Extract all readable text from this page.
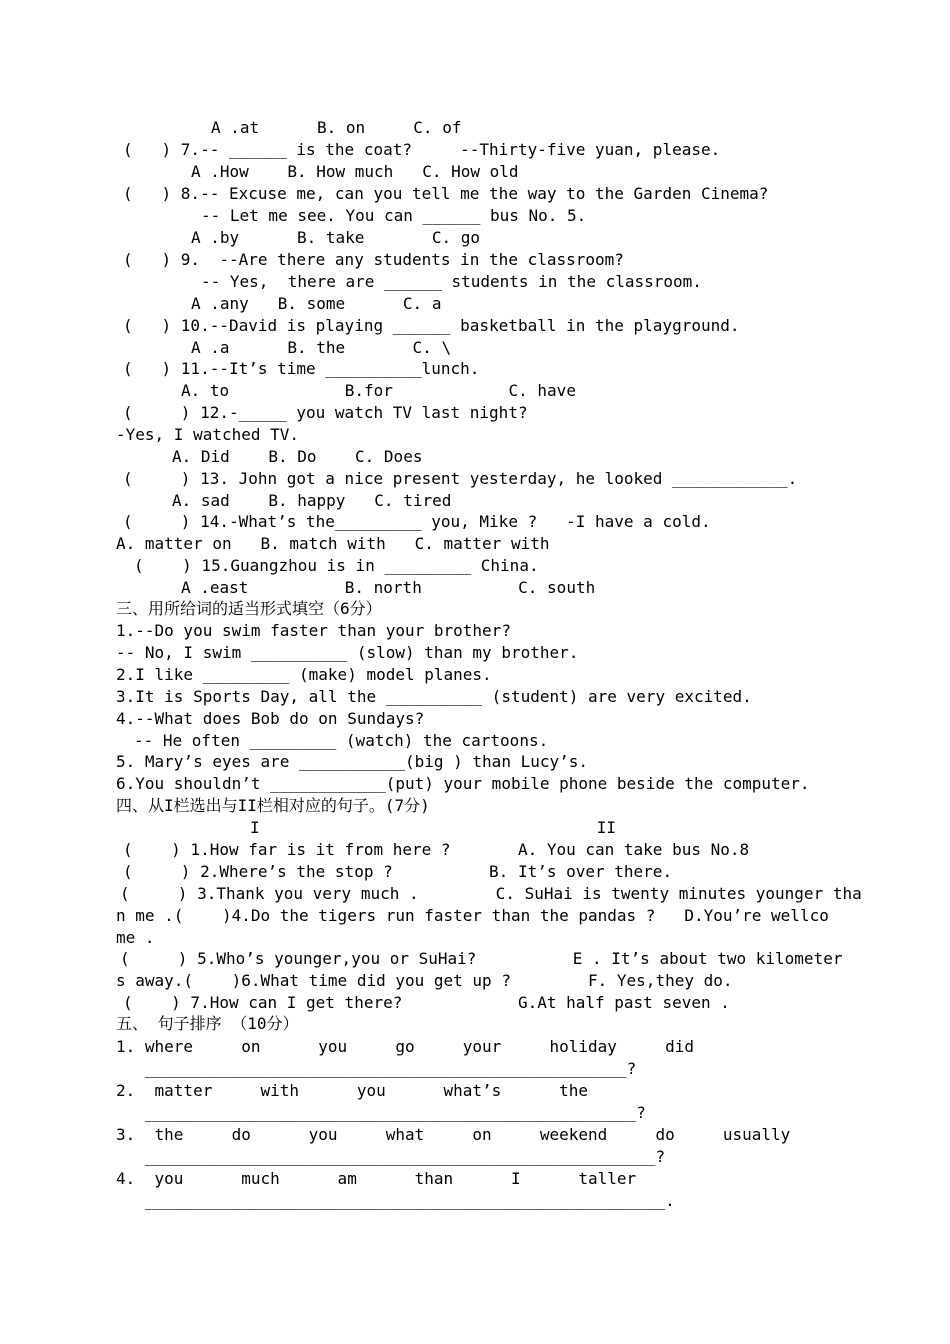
A .at      B. on     C. of
(   ) 7.-- ______ is the coat?     --Thirty-five yuan, please.
A .How    B. How much   C. How old
(   ) 8.-- Excuse me, can you tell me the way to the Garden Cinema?
-- Let me see. You can ______ bus No. 5.
A .by      B. take       C. go
(   ) 9.  --Are there any students in the classroom?
-- Yes,  there are ______ students in the classroom.
A .any   B. some      C. a
(   ) 10.--David is playing ______ basketball in the playground.
A .a      B. the       C. \
(   ) 11.--It’s time __________lunch.
A. to            B.for            C. have
(     ) 12.-_____ you watch TV last night?
-Yes, I watched TV.
A. Did    B. Do    C. Does
(     ) 13. John got a nice present yesterday, he looked ____________.
A. sad    B. happy   C. tired
(     ) 14.-What’s the_________ you, Mike ?   -I have a cold.
A. matter on   B. match with   C. matter with
(    ) 15.Guangzhou is in _________ China.
A .east          B. north          C. south
三、用所给词的适当形式填空（6分）
1.--Do you swim faster than your brother?
-- No, I swim __________ (slow) than my brother.
2.I like _________ (make) model planes.
3.It is Sports Day, all the __________ (student) are very excited.
4.--What does Bob do on Sundays?
-- He often _________ (watch) the cartoons.
5. Mary’s eyes are ___________(big ) than Lucy’s.
6.You shouldn’t ____________(put) your mobile phone beside the computer.
四、从I栏选出与II栏相对应的句子。(7分)
I                                   II
(    ) 1.How far is it from here ?       A. You can take bus No.8
(     ) 2.Where’s the stop ?          B. It’s over there.
(     ) 3.Thank you very much .        C. SuHai is twenty minutes younger tha
n me .(    )4.Do the tigers run faster than the pandas ?   D.You’re wellco
me .
(     ) 5.Who’s younger,you or SuHai?          E . It’s about two kilometer
s away.(    )6.What time did you get up ?        F. Yes,they do.
(    ) 7.How can I get there?            G.At half past seven .
五、 句子排序 （10分）
1. where     on      you     go     your     holiday     did
__________________________________________________?
2.  matter     with      you      what’s      the
___________________________________________________?
3.  the     do      you     what     on     weekend     do     usually
_____________________________________________________?
4.  you      much      am      than      I      taller
______________________________________________________.
